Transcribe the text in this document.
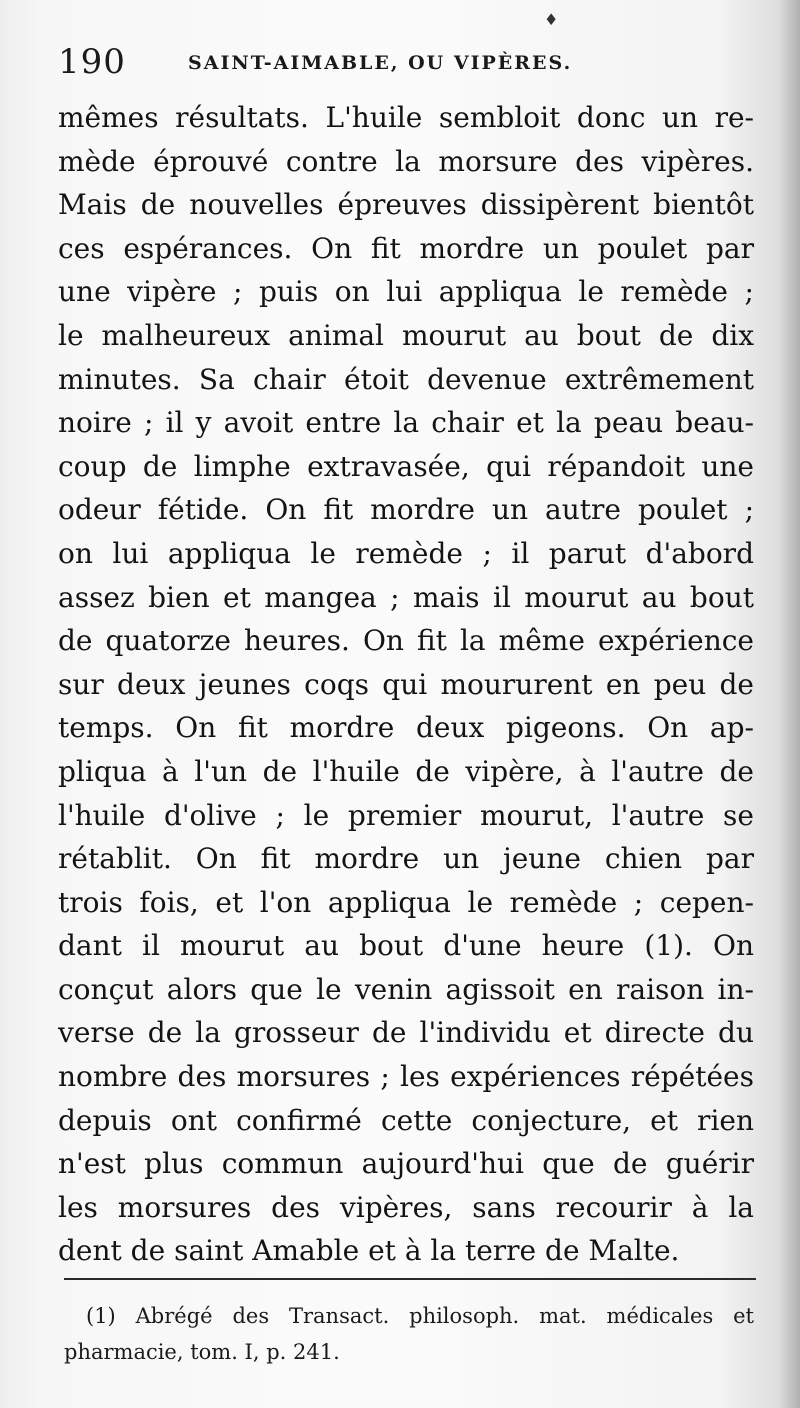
♦
190	SAINT-AIMABLE, OU VIPÈRES.
mêmes résultats. L'huile sembloit donc un re-
mède éprouvé contre la morsure des vipères.
Mais de nouvelles épreuves dissipèrent bientôt
ces espérances. On fit mordre un poulet par
une vipère ; puis on lui appliqua le remède ;
le malheureux animal mourut au bout de dix
minutes. Sa chair étoit devenue extrêmement
noire ; il y avoit entre la chair et la peau beau-
coup de limphe extravasée, qui répandoit une
odeur fétide. On fit mordre un autre poulet ;
on lui appliqua le remède ; il parut d'abord
assez bien et mangea ; mais il mourut au bout
de quatorze heures. On fit la même expérience
sur deux jeunes coqs qui moururent en peu de
temps. On fit mordre deux pigeons. On ap-
pliqua à l'un de l'huile de vipère, à l'autre de
l'huile d'olive ; le premier mourut, l'autre se
rétablit. On fit mordre un jeune chien par
trois fois, et l'on appliqua le remède ; cepen-
dant il mourut au bout d'une heure (1). On
conçut alors que le venin agissoit en raison in-
verse de la grosseur de l'individu et directe du
nombre des morsures ; les expériences répétées
depuis ont confirmé cette conjecture, et rien
n'est plus commun aujourd'hui que de guérir
les morsures des vipères, sans recourir à la
dent de saint Amable et à la terre de Malte.
(1) Abrégé des Transact. philosoph. mat. médicales et
pharmacie, tom. I, p. 241.
